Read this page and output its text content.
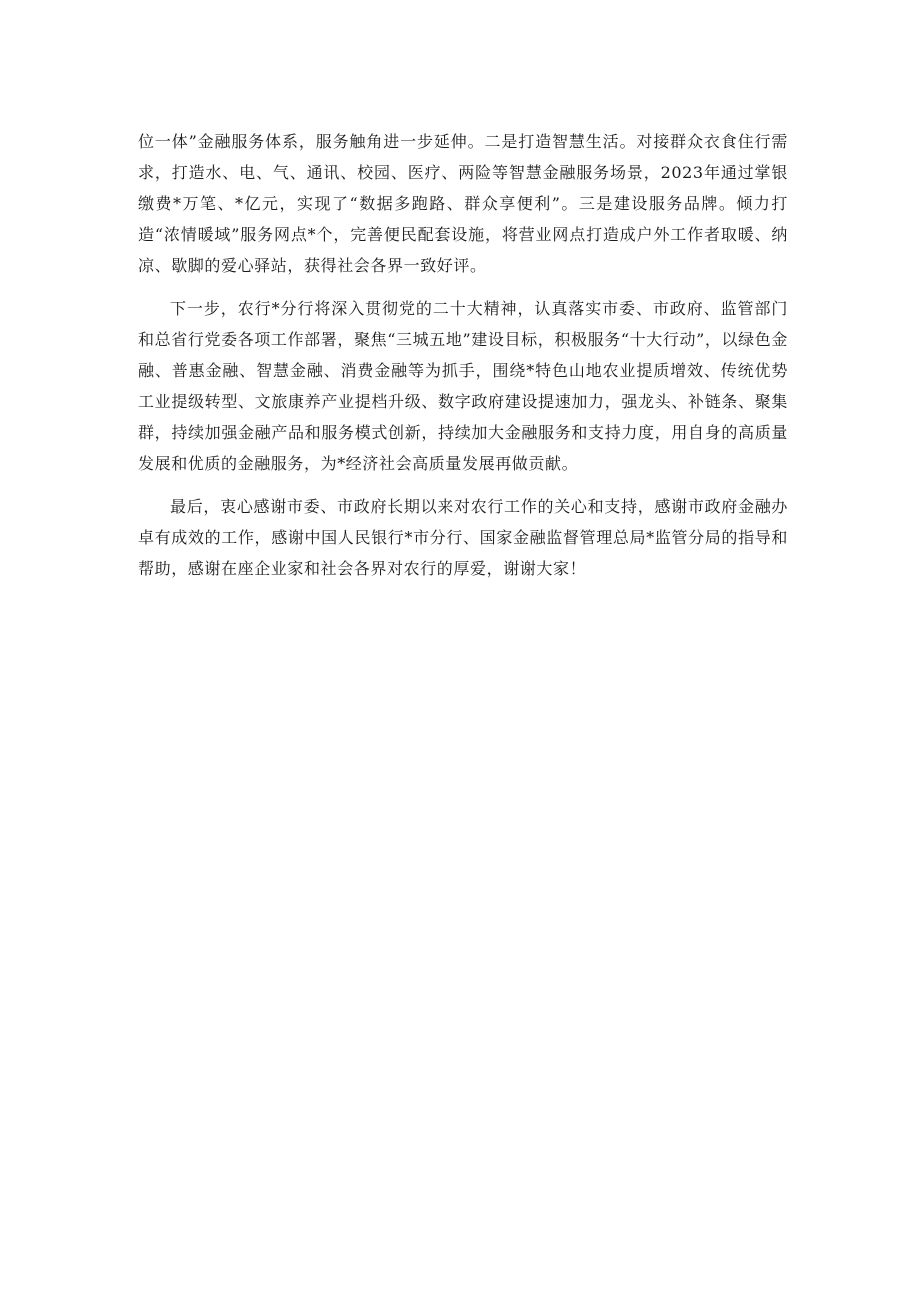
位一体”金融服务体系，服务触角进一步延伸。二是打造智慧生活。对接群众衣食住行需求，打造水、电、气、通讯、校园、医疗、两险等智慧金融服务场景，2023年通过掌银缴费*万笔、*亿元，实现了“数据多跑路、群众享便利”。三是建设服务品牌。倾力打造“浓情暖域”服务网点*个，完善便民配套设施，将营业网点打造成户外工作者取暖、纳凉、歇脚的爱心驿站，获得社会各界一致好评。

下一步，农行*分行将深入贯彻党的二十大精神，认真落实市委、市政府、监管部门和总省行党委各项工作部署，聚焦“三城五地”建设目标，积极服务“十大行动”，以绿色金融、普惠金融、智慧金融、消费金融等为抓手，围绕*特色山地农业提质增效、传统优势工业提级转型、文旅康养产业提档升级、数字政府建设提速加力，强龙头、补链条、聚集群，持续加强金融产品和服务模式创新，持续加大金融服务和支持力度，用自身的高质量发展和优质的金融服务，为*经济社会高质量发展再做贡献。

最后，衷心感谢市委、市政府长期以来对农行工作的关心和支持，感谢市政府金融办卓有成效的工作，感谢中国人民银行*市分行、国家金融监督管理总局*监管分局的指导和帮助，感谢在座企业家和社会各界对农行的厚爱，谢谢大家！
